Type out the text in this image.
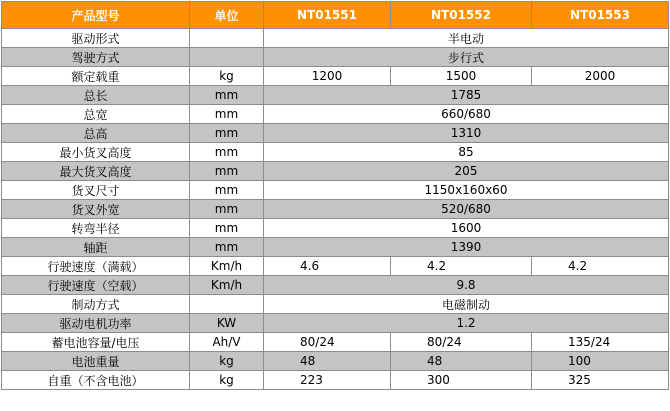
产品型号	单位	NT01551	NT01552	NT01553
驱动形式		半电动		
驾驶方式		步行式		
额定载重	kg	1200	1500	2000
总长	mm	1785		
总宽	mm	660/680		
总高	mm	1310		
最小货叉高度	mm	85		
最大货叉高度	mm	205		
货叉尺寸	mm	1150x160x60		
货叉外宽	mm	520/680		
转弯半径	mm	1600		
轴距	mm	1390		
行驶速度（满载）	Km/h	4.6	4.2	4.2
行驶速度（空载）	Km/h	9.8		
制动方式		电磁制动		
驱动电机功率	KW	1.2		
蓄电池容量/电压	Ah/V	80/24	80/24	135/24
电池重量	kg	48	48	100
自重（不含电池）	kg	223	300	325
